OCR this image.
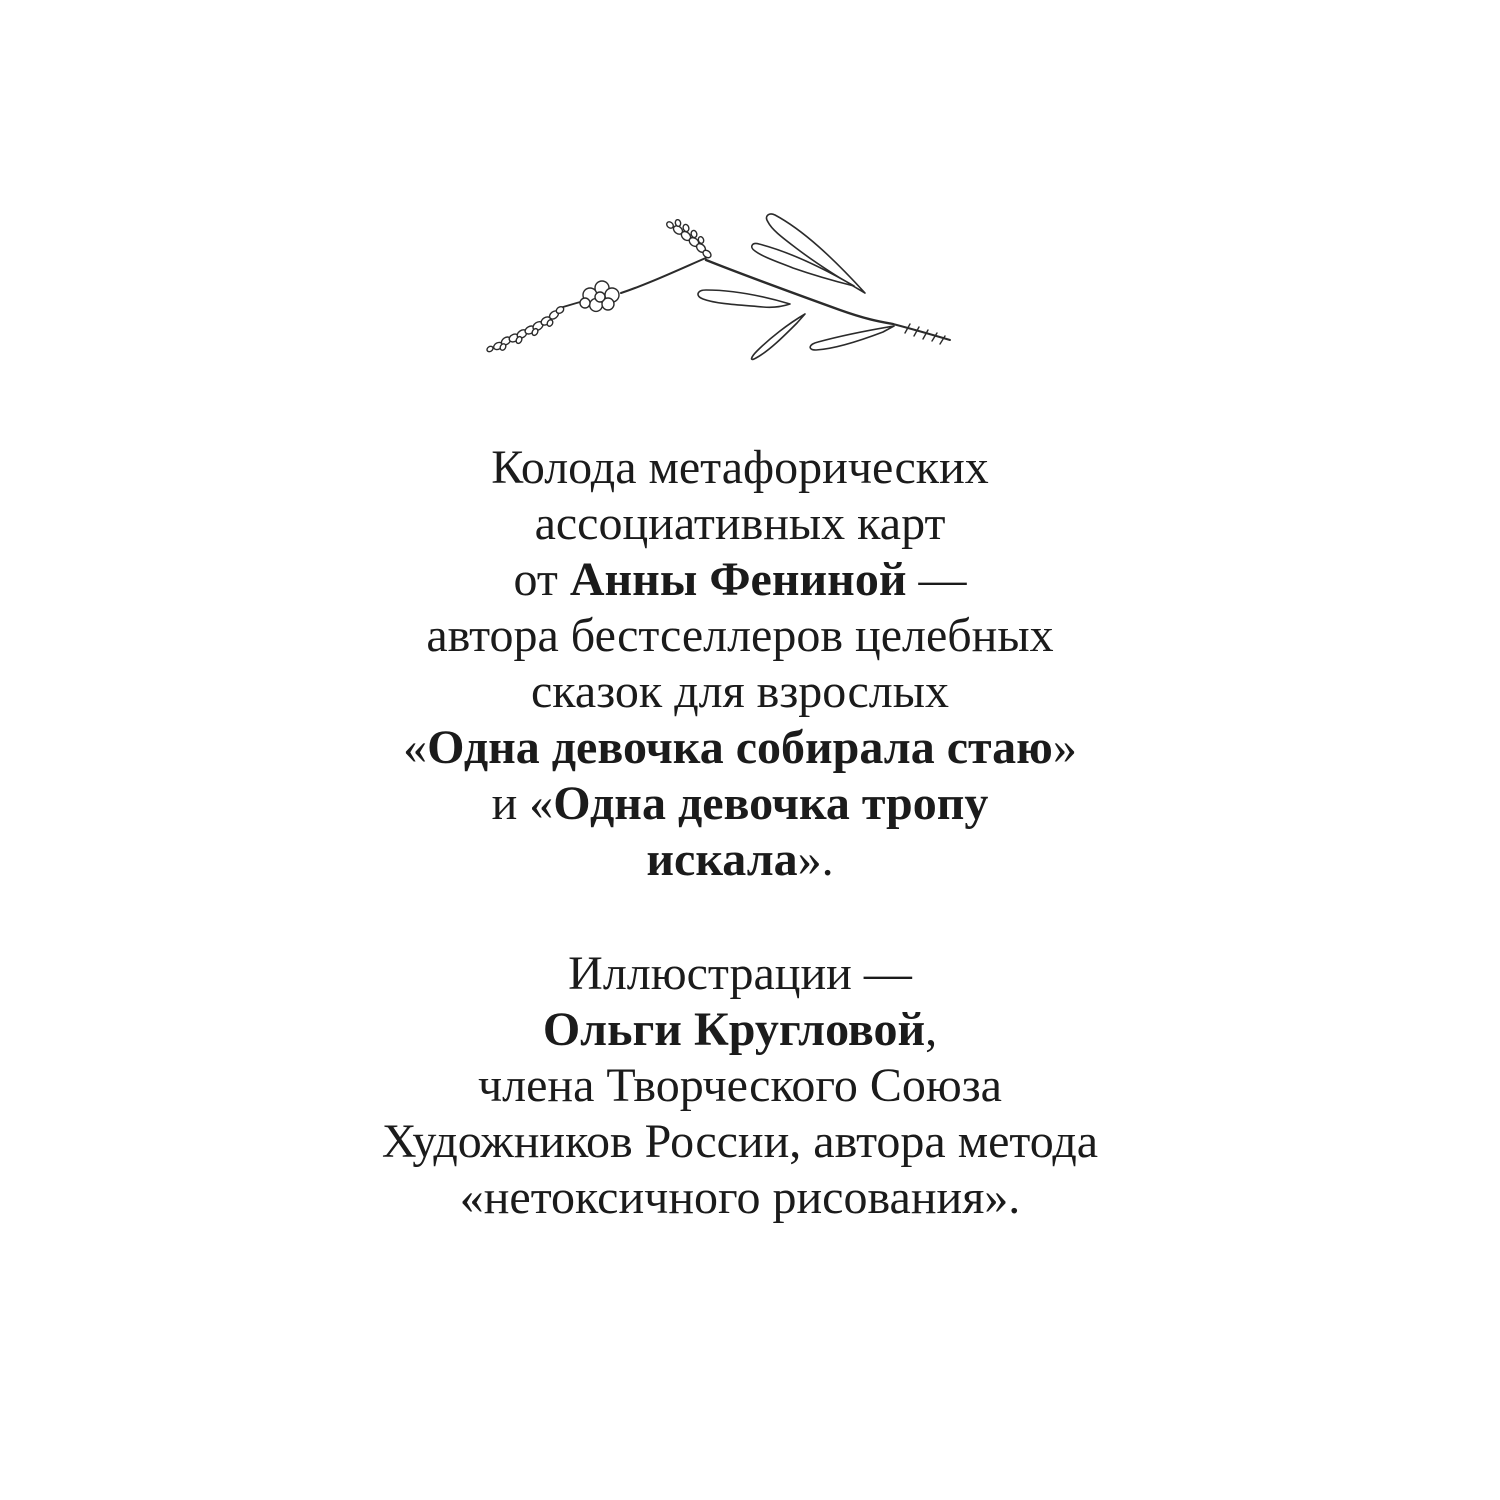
Колода метафорических
ассоциативных карт
от Анны Фениной —
автора бестселлеров целебных
сказок для взрослых
«Одна девочка собирала стаю»
и «Одна девочка тропу
искала».

Иллюстрации —
Ольги Кругловой,
члена Творческого Союза
Художников России, автора метода
«нетоксичного рисования».
